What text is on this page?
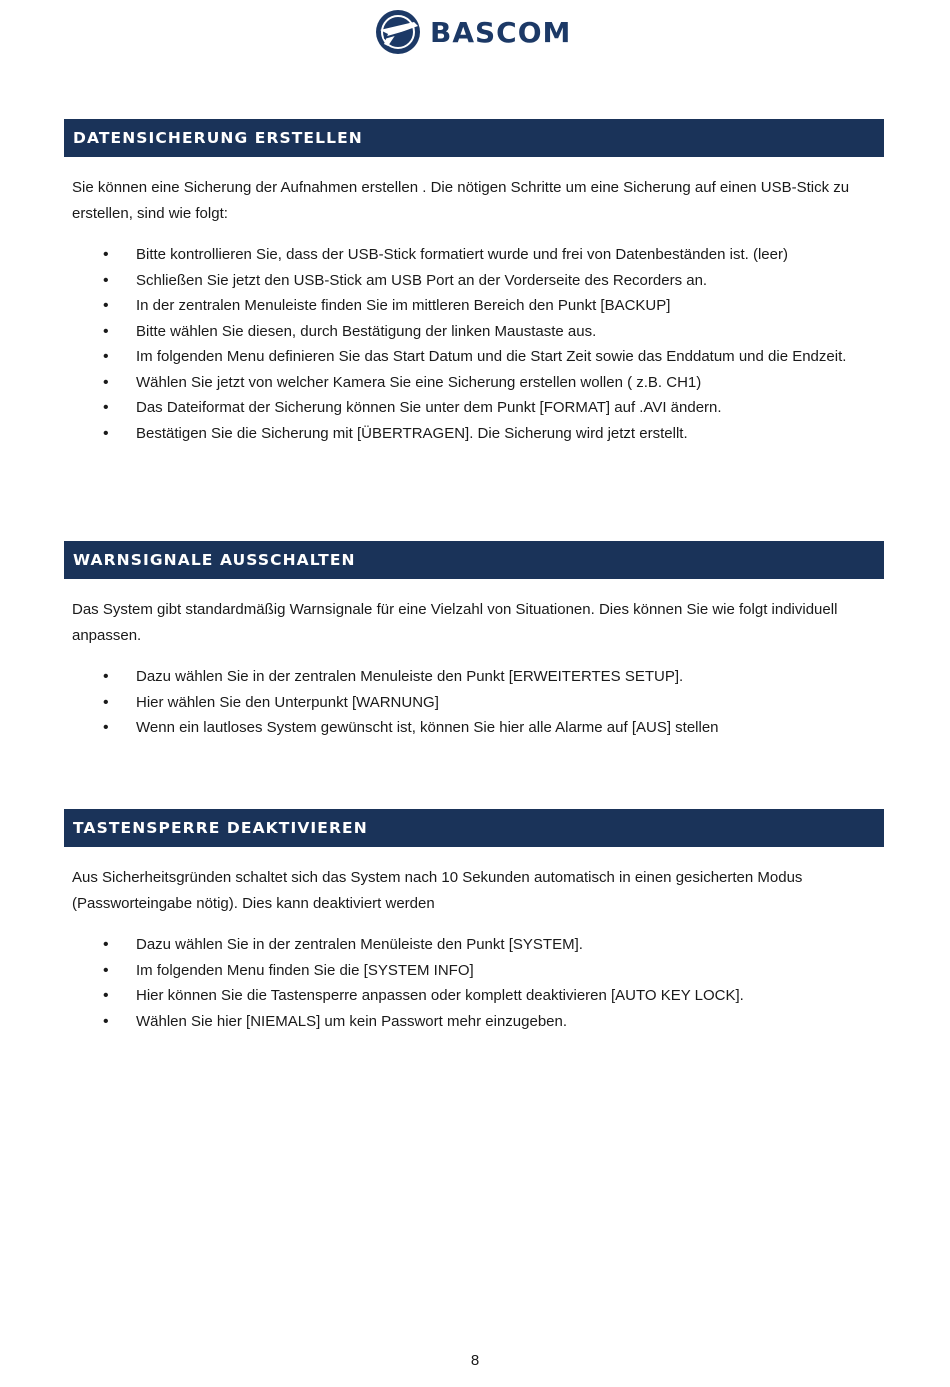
BASCOM
DATENSICHERUNG ERSTELLEN
Sie können eine Sicherung der Aufnahmen erstellen . Die nötigen Schritte um eine Sicherung auf einen USB-Stick zu erstellen, sind wie folgt:
• Bitte kontrollieren Sie, dass der USB-Stick formatiert wurde und frei von Datenbeständen ist. (leer)
• Schließen Sie jetzt den USB-Stick am USB Port an der Vorderseite des Recorders an.
• In der zentralen Menuleiste finden Sie im mittleren Bereich den Punkt [BACKUP]
• Bitte wählen Sie diesen, durch Bestätigung der linken Maustaste aus.
• Im folgenden Menu definieren Sie das Start Datum und die Start Zeit sowie das Enddatum und die Endzeit.
• Wählen Sie jetzt von welcher Kamera Sie eine Sicherung erstellen wollen ( z.B. CH1)
• Das Dateiformat der Sicherung können Sie unter dem Punkt [FORMAT] auf .AVI ändern.
• Bestätigen Sie die Sicherung mit [ÜBERTRAGEN]. Die Sicherung wird jetzt erstellt.
WARNSIGNALE AUSSCHALTEN
Das System gibt standardmäßig Warnsignale für eine Vielzahl von Situationen. Dies können Sie wie folgt individuell anpassen.
• Dazu wählen Sie in der zentralen Menuleiste den Punkt [ERWEITERTES SETUP].
• Hier wählen Sie den Unterpunkt [WARNUNG]
• Wenn ein lautloses System gewünscht ist, können Sie hier alle Alarme auf [AUS] stellen
TASTENSPERRE DEAKTIVIEREN
Aus Sicherheitsgründen schaltet sich das System nach 10 Sekunden automatisch in einen gesicherten Modus (Passworteingabe nötig). Dies kann deaktiviert werden
• Dazu wählen Sie in der zentralen Menüleiste den Punkt [SYSTEM].
• Im folgenden Menu finden Sie die [SYSTEM INFO]
• Hier können Sie die Tastensperre anpassen oder komplett deaktivieren [AUTO KEY LOCK].
• Wählen Sie hier [NIEMALS] um kein Passwort mehr einzugeben.
8
